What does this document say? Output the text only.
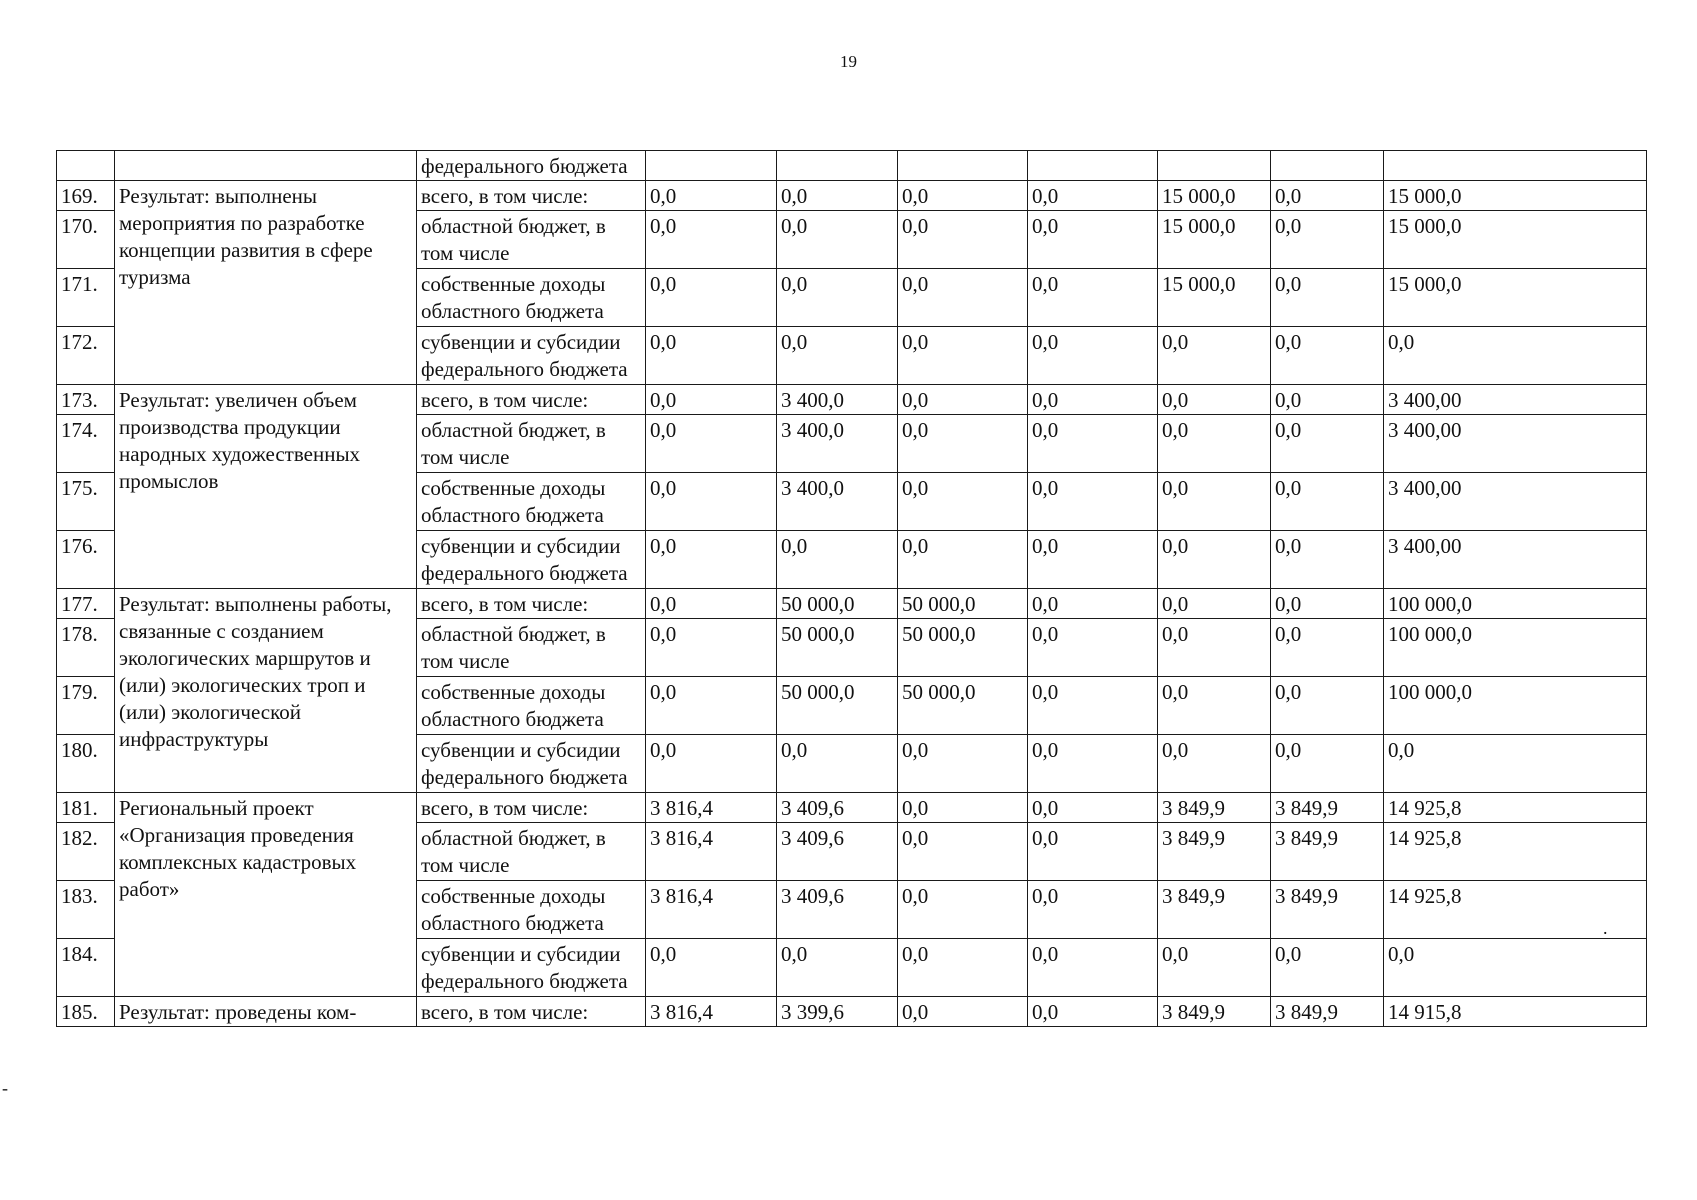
19
		федерального бюджета							
169.	Результат: выполнены мероприятия по разработке концепции развития в сфере туризма	всего, в том числе:	0,0	0,0	0,0	0,0	15 000,0	0,0	15 000,0
170.		областной бюджет, в том числе	0,0	0,0	0,0	0,0	15 000,0	0,0	15 000,0
171.		собственные доходы областного бюджета	0,0	0,0	0,0	0,0	15 000,0	0,0	15 000,0
172.		субвенции и субсидии федерального бюджета	0,0	0,0	0,0	0,0	0,0	0,0	0,0
173.	Результат: увеличен объем производства продукции народных художественных промыслов	всего, в том числе:	0,0	3 400,0	0,0	0,0	0,0	0,0	3 400,00
174.		областной бюджет, в том числе	0,0	3 400,0	0,0	0,0	0,0	0,0	3 400,00
175.		собственные доходы областного бюджета	0,0	3 400,0	0,0	0,0	0,0	0,0	3 400,00
176.		субвенции и субсидии федерального бюджета	0,0	0,0	0,0	0,0	0,0	0,0	3 400,00
177.	Результат: выполнены работы, связанные с созданием экологических маршрутов и (или) экологических троп и (или) экологической инфраструктуры	всего, в том числе:	0,0	50 000,0	50 000,0	0,0	0,0	0,0	100 000,0
178.		областной бюджет, в том числе	0,0	50 000,0	50 000,0	0,0	0,0	0,0	100 000,0
179.		собственные доходы областного бюджета	0,0	50 000,0	50 000,0	0,0	0,0	0,0	100 000,0
180.		субвенции и субсидии федерального бюджета	0,0	0,0	0,0	0,0	0,0	0,0	0,0
181.	Региональный проект «Организация проведения комплексных кадастровых работ»	всего, в том числе:	3 816,4	3 409,6	0,0	0,0	3 849,9	3 849,9	14 925,8
182.		областной бюджет, в том числе	3 816,4	3 409,6	0,0	0,0	3 849,9	3 849,9	14 925,8
183.		собственные доходы областного бюджета	3 816,4	3 409,6	0,0	0,0	3 849,9	3 849,9	14 925,8
184.		субвенции и субсидии федерального бюджета	0,0	0,0	0,0	0,0	0,0	0,0	0,0
185.	Результат: проведены ком-	всего, в том числе:	3 816,4	3 399,6	0,0	0,0	3 849,9	3 849,9	14 915,8
.
-
